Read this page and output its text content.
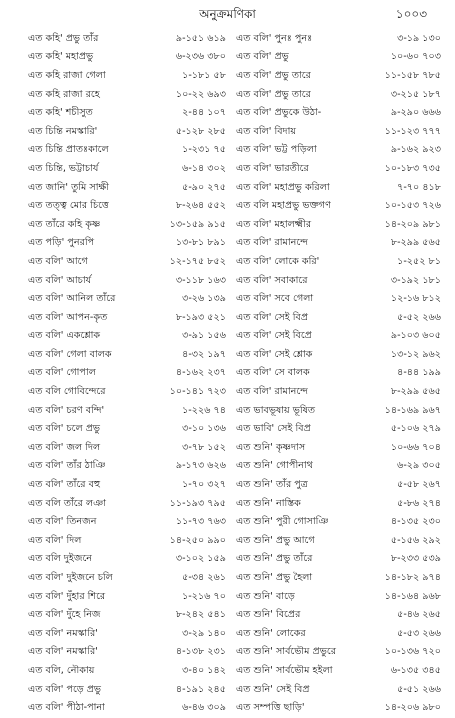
অনুক্রমণিকা	১০০৩
এত কহি' প্রভু তাঁর	৯-১৫১ ৬১৯
এত কহি' মহাপ্রভু	৬-২৩৬ ৩৮০
এত কহি রাজা গেলা	১-১৮১ ৫৮
এত কহি রাজা রহে	১০-২২ ৬৯৩
এত কহি' শচীসুত	২-৪৪ ১০৭
এত চিন্তি নমস্কারি'	৫-১২৮ ২৮৫
এত চিন্তি প্রাতঃকালে	১-২৩১ ৭৫
এত চিন্তি, ভট্টাচার্য	৬-১৪ ৩০২
এত জানি' তুমি সাক্ষী	৫-৯০ ২৭৫
এত তত্ত্ব মোর চিত্তে	৮-২৬৪ ৫৫২
এত তাঁরে কহি কৃষ্ণ	১৩-১৫৯ ৯১৫
এত পড়ি' পুনরপি	১৩-৮১ ৮৯১
এত বলি' আগে	১২-১৭৫ ৮৫২
এত বলি' আচার্য	৩-১১৮ ১৬৩
এত বলি' আনিল তাঁরে	৩-২৬ ১৩৯
এত বলি' আপন-কৃত	৮-১৯৩ ৫২১
এত বলি' একশ্লোক	৩-৯১ ১৫৬
এত বলি' গেলা বালক	৪-৩২ ১৯৭
এত বলি' গোপাল	৪-১৬২ ২৩৭
এত বলি গোবিন্দেরে	১০-১৪১ ৭২৩
এত বলি' চরণ বন্দি'	১-২২৬ ৭৪
এত বলি' চলে প্রভু	৩-১০ ১৩৬
এত বলি' জল দিল	৩-৭৮ ১৫২
এত বলি' তাঁর ঠাঞি	৯-১৭৩ ৬২৬
এত বলি' তাঁরে বহু	১-৭০ ৩২৭
এত বলি তাঁরে লঞা	১১-১৯৩ ৭৯৫
এত বলি' তিনজন	১১-৭৩ ৭৬৩
এত বলি' দিল	১৪-২৫০ ৯৯০
এত বলি দুইজনে	৩-১০২ ১৫৯
এত বলি' দুইজনে চলি	৫-৩৪ ২৬১
এত বলি' দুঁহার শিরে	১-২১৬ ৭০
এত বলি' দুঁহে নিজ	৮-২৪২ ৫৪১
এত বলি' নমস্কারি'	৩-২৯ ১৪০
এত বলি' নমস্কারি'	৪-১৩৮ ২৩১
এত বলি, নৌকায়	৩-৪০ ১৪২
এত বলি' পড়ে প্রভু	৪-১৯১ ২৪৫
এত বলি' পীঠা-পানা	৬-৪৬ ৩০৯
এত বলি' পুনঃ পুনঃ	৩-১৯ ১৩০
এত বলি' প্রভু	১০-৬০ ৭০৩
এত বলি' প্রভু তারে	১১-১৫৮ ৭৮৫
এত বলি' প্রভু তারে	৩-২১৫ ১৮৭
এত বলি' প্রভুকে উঠা-	৯-২৯০ ৬৬৬
এত বলি' বিদায়	১১-১২৩ ৭৭৭
এত বলি' ভট্ট পড়িলা	৯-১৬২ ৯২৩
এত বলি' ভারতীরে	১০-১৮৩ ৭৩৫
এত বলি' মহাপ্রভু করিলা	৭-৭০ ৪১৮
এত বলি মহাপ্রভু ভক্তগণ	১০-১৫৩ ৭২৬
এত বলি' মহালক্ষ্মীর	১৪-২০৯ ৯৮১
এত বলি' রামানন্দে	৮-২৯৯ ৫৬৫
এত বলি' লোকে করি'	১-২৫২ ৮১
এত বলি' সবাকারে	৩-১৯২ ১৮১
এত বলি' সবে গেলা	১২-১৬ ৮১২
এত বলি' সেই বিপ্র	৫-৫২ ২৬৬
এত বলি' সেই বিপ্রে	৯-১০৩ ৬০৫
এত বলি' সেই শ্লোক	১৩-১২ ৯৬২
এত বলি' সে বালক	৪-৪৪ ১৯৯
এত বলি' রামানন্দে	৮-২৯৯ ৫৬৫
এত ভাবভূষায় ভূষিত	১৪-১৬৯ ৯৬৭
এত ভাবি' সেই বিপ্র	৫-১০৬ ২৭৯
এত শুনি' কৃষ্ণদাস	১০-৬৬ ৭০৪
এত শুনি' গোপীনাথ	৬-২৯ ৩০৫
এত শুনি' তাঁর পুত্র	৫-৫৮ ২৬৭
এত শুনি' নাস্তিক	৫-৮৬ ২৭৪
এত শুনি' পুরী গোসাঞি	৪-১৩৫ ২৩০
এত শুনি' প্রভু আগে	৫-১৫৬ ২৯২
এত শুনি' প্রভু তাঁরে	৮-২৩৩ ৫৩৯
এত শুনি' প্রভু হৈলা	১৪-১৮২ ৯৭৪
এত শুনি' বাড়ে	১৪-১৬৪ ৯৬৮
এত শুনি' বিপ্রের	৫-৪৬ ২৬৫
এত শুনি' লোকের	৫-৫৩ ২৬৬
এত শুনি' সার্বভৌম প্রভুরে	১০-১৩৬ ৭২০
এত শুনি' সার্বভৌম হইলা	৬-১৩৫ ৩৪৫
এত শুনি' সেই বিপ্র	৫-৫১ ২৬৬
এত সম্পত্তি ছাড়ি'	১৪-২০৬ ৯৮০
